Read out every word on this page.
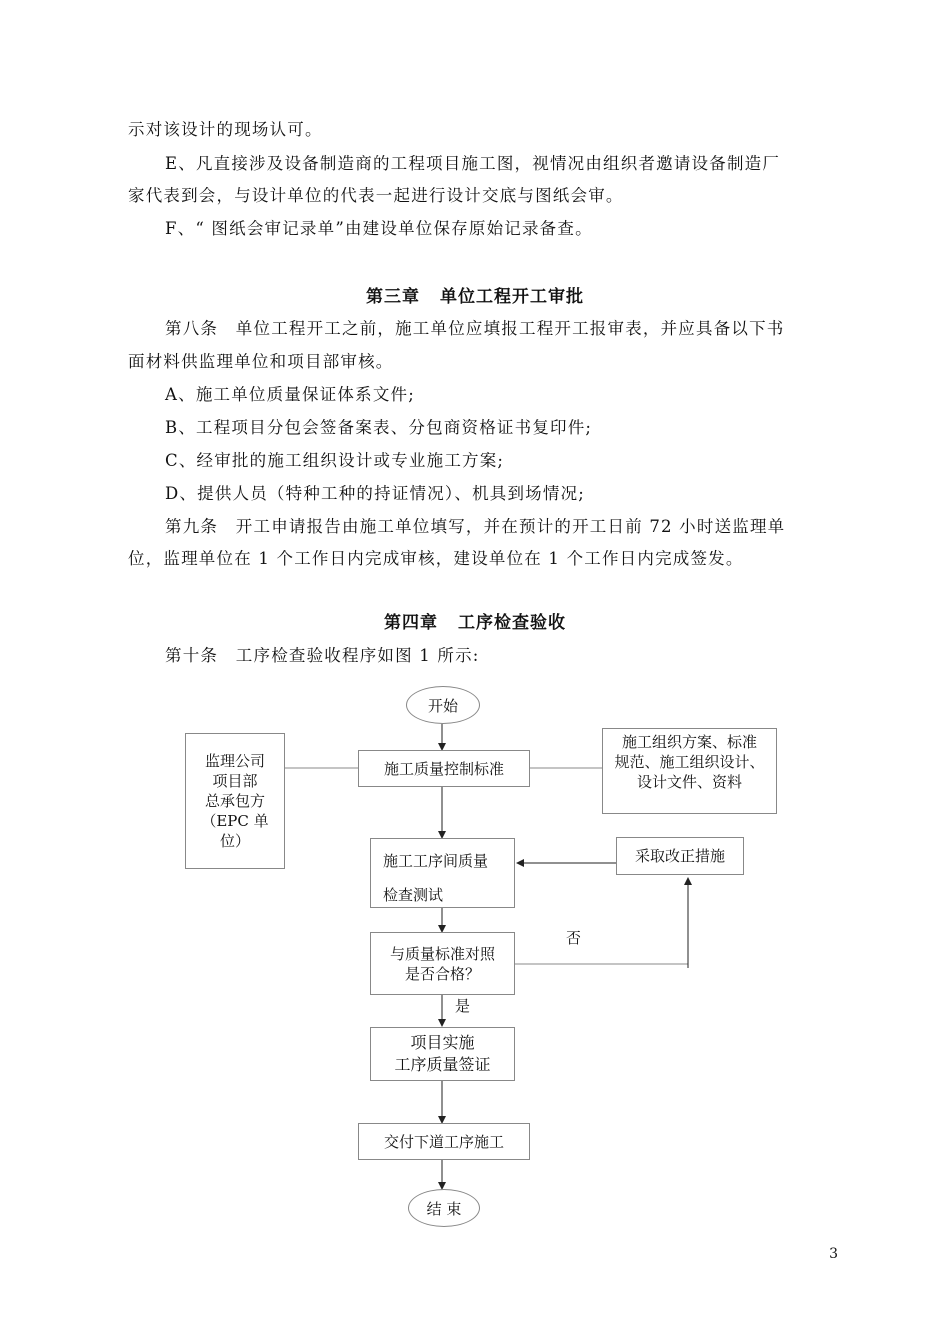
示对该设计的现场认可。
E、凡直接涉及设备制造商的工程项目施工图，视情况由组织者邀请设备制造厂
家代表到会，与设计单位的代表一起进行设计交底与图纸会审。
F、“ 图纸会审记录单”由建设单位保存原始记录备查。
第三章 单位工程开工审批
第八条　单位工程开工之前，施工单位应填报工程开工报审表，并应具备以下书
面材料供监理单位和项目部审核。
A、施工单位质量保证体系文件;
B、工程项目分包会签备案表、分包商资格证书复印件;
C、经审批的施工组织设计或专业施工方案;
D、提供人员（特种工种的持证情况）、机具到场情况;
第九条　开工申请报告由施工单位填写，并在预计的开工日前 72 小时送监理单
位，监理单位在 1 个工作日内完成审核，建设单位在 1 个工作日内完成签发。
第四章 工序检查验收
第十条　工序检查验收程序如图 1 所示:
开始
监理公司
项目部
总承包方
（EPC 单
位）
施工质量控制标准
施工组织方案、标准
规范、施工组织设计、
设计文件、资料
施工工序间质量
检查测试
采取改正措施
与质量标准对照
是否合格？
否
是
项目实施
工序质量签证
交付下道工序施工
结 束
3
